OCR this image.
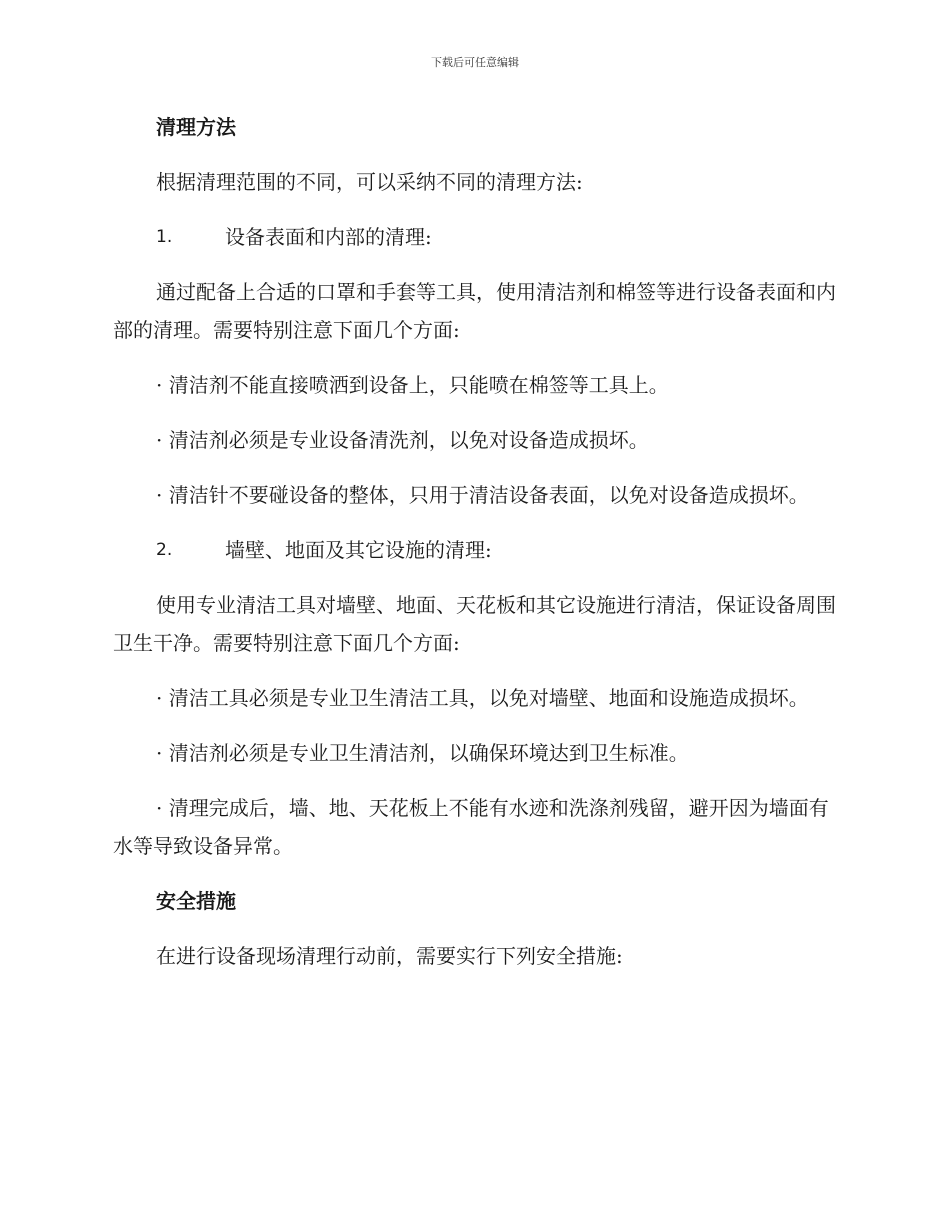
下载后可任意编辑
清理方法
根据清理范围的不同，可以采纳不同的清理方法:
1.	设备表面和内部的清理:
通过配备上合适的口罩和手套等工具，使用清洁剂和棉签等进行设备表面和内部的清理。需要特别注意下面几个方面:
· 清洁剂不能直接喷洒到设备上，只能喷在棉签等工具上。
· 清洁剂必须是专业设备清洗剂，以免对设备造成损坏。
· 清洁针不要碰设备的整体，只用于清洁设备表面，以免对设备造成损坏。
2.	墙壁、地面及其它设施的清理:
使用专业清洁工具对墙壁、地面、天花板和其它设施进行清洁，保证设备周围卫生干净。需要特别注意下面几个方面:
· 清洁工具必须是专业卫生清洁工具，以免对墙壁、地面和设施造成损坏。
· 清洁剂必须是专业卫生清洁剂，以确保环境达到卫生标准。
· 清理完成后，墙、地、天花板上不能有水迹和洗涤剂残留，避开因为墙面有水等导致设备异常。
安全措施
在进行设备现场清理行动前，需要实行下列安全措施:
